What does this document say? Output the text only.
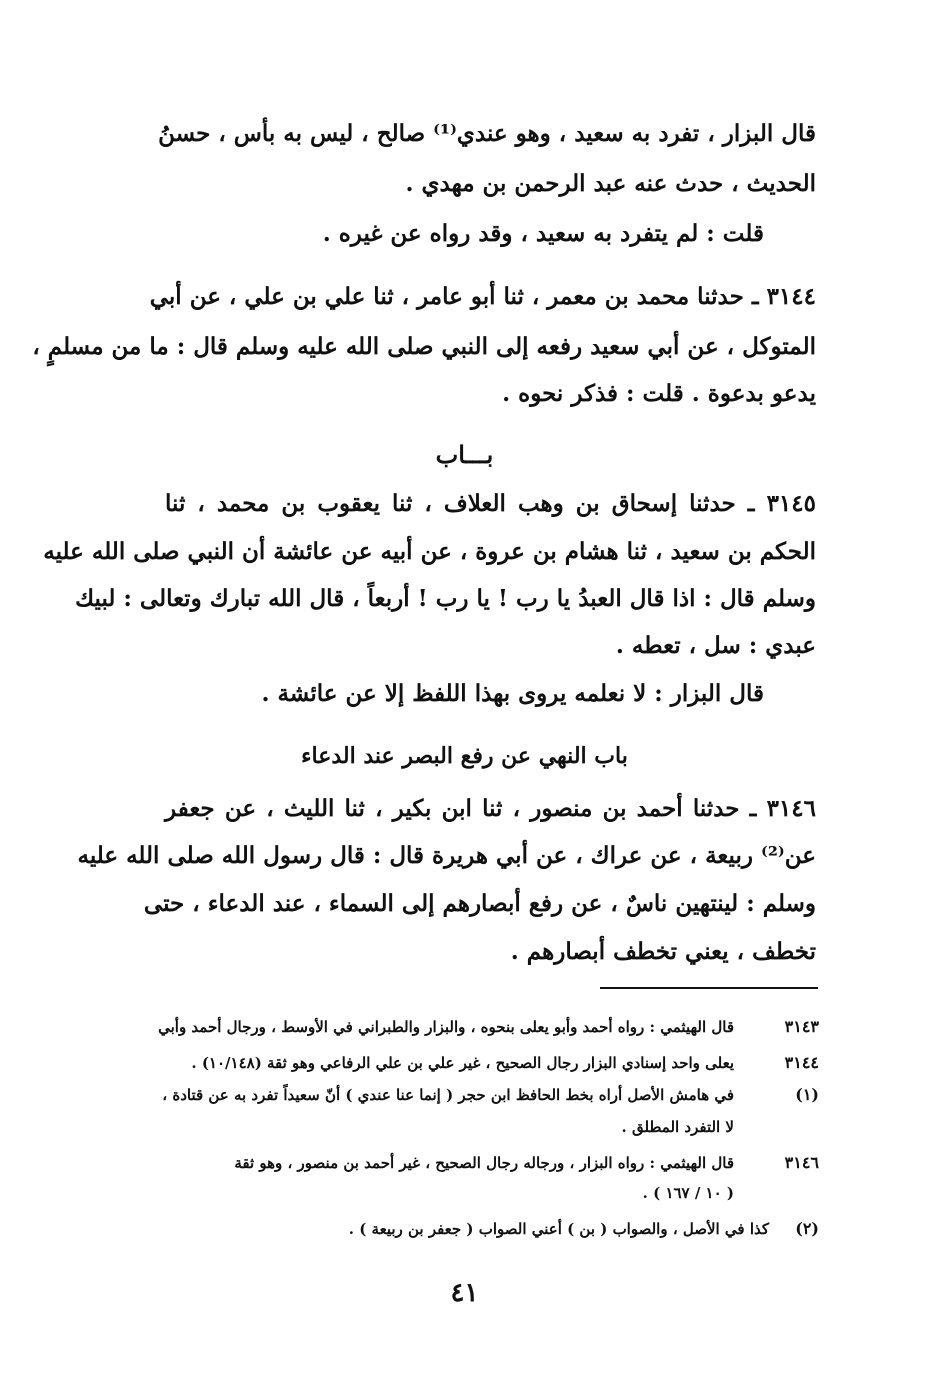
قال البزار ، تفرد به سعيد ، وهو عندي⁽¹⁾ صالح ، ليس به بأس ، حسنُ
الحديث ، حدث عنه عبد الرحمن بن مهدي .
قلت : لم يتفرد به سعيد ، وقد رواه عن غيره .
٣١٤٤ ـ حدثنا محمد بن معمر ، ثنا أبو عامر ، ثنا علي بن علي ، عن أبي
المتوكل ، عن أبي سعيد رفعه إلى النبي صلى الله عليه وسلم قال : ما من مسلمٍ ،
يدعو بدعوة . قلت : فذكر نحوه .
بـــاب
٣١٤٥ ـ حدثنا إسحاق بن وهب العلاف ، ثنا يعقوب بن محمد ، ثنا
الحكم بن سعيد ، ثنا هشام بن عروة ، عن أبيه عن عائشة أن النبي صلى الله عليه
وسلم قال : اذا قال العبدُ يا رب ! يا رب ! أربعاً ، قال الله تبارك وتعالى : لبيك
عبدي : سل ، تعطه .
قال البزار : لا نعلمه يروى بهذا اللفظ إلا عن عائشة .
باب النهي عن رفع البصر عند الدعاء
٣١٤٦ ـ حدثنا أحمد بن منصور ، ثنا ابن بكير ، ثنا الليث ، عن جعفر
عن⁽²⁾ ربيعة ، عن عراك ، عن أبي هريرة قال : قال رسول الله صلى الله عليه
وسلم : لينتهين ناسٌ ، عن رفع أبصارهم إلى السماء ، عند الدعاء ، حتى
تخطف ، يعني تخطف أبصارهم .
٣١٤٣
قال الهيثمي : رواه أحمد وأبو يعلى بنحوه ، والبزار والطبراني في الأوسط ، ورجال أحمد وأبي
٣١٤٤
يعلى واحد إسنادي البزار رجال الصحيح ، غير علي بن علي الرفاعي وهو ثقة (١٠/١٤٨) .
(١)
في هامش الأصل أراه بخط الحافظ ابن حجر ( إنما عنا عندي ) أنّ سعيداً تفرد به عن قتادة ،
لا التفرد المطلق .
٣١٤٦
قال الهيثمي : رواه البزار ، ورجاله رجال الصحيح ، غير أحمد بن منصور ، وهو ثقة
( ١٠ / ١٦٧ ) .
(٢)
كذا في الأصل ، والصواب ( بن ) أعني الصواب ( جعفر بن ربيعة ) .
٤١
